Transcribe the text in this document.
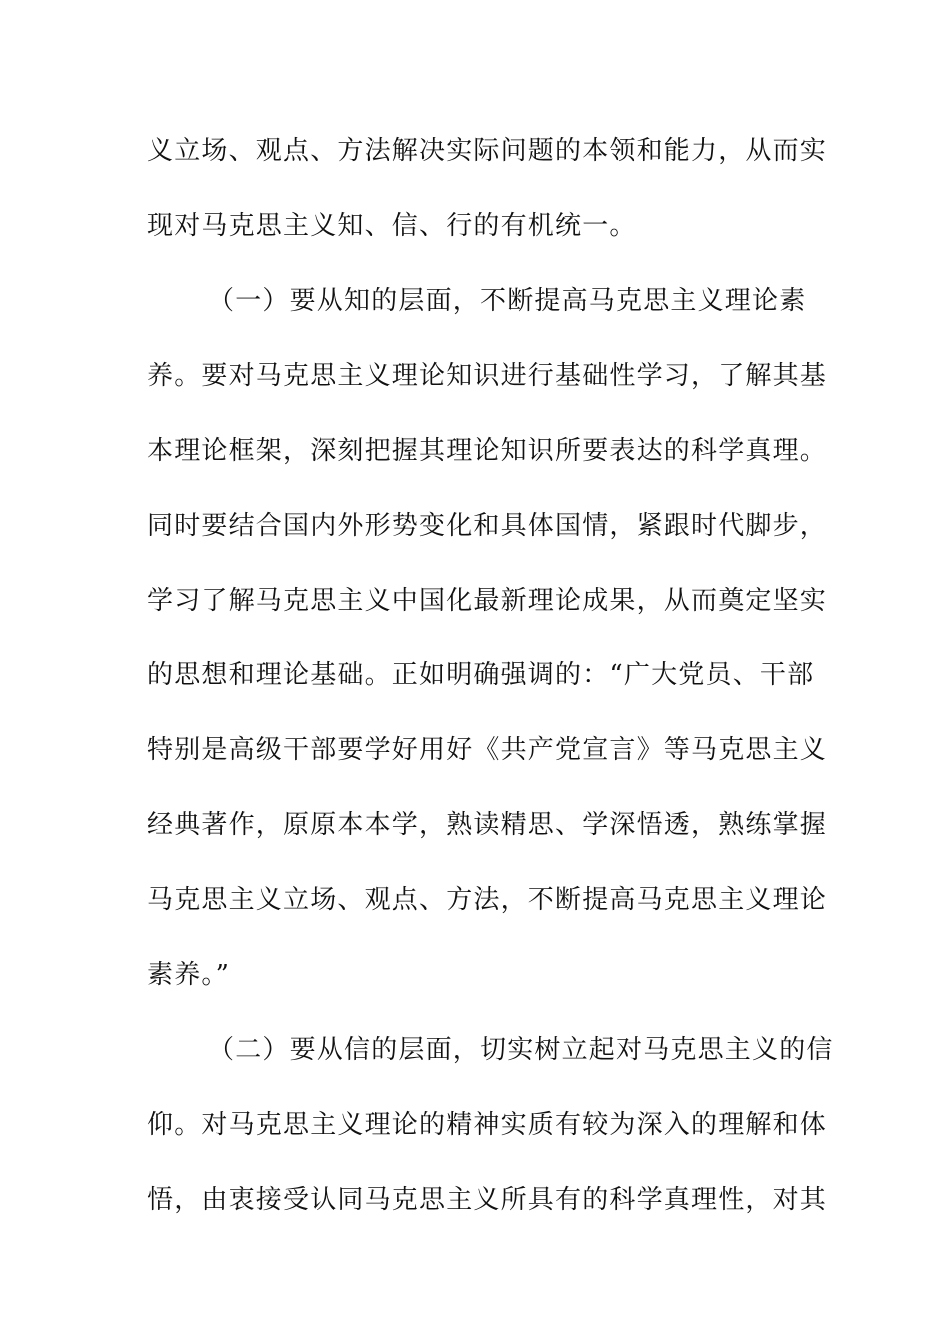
义立场、观点、方法解决实际问题的本领和能力，从而实
现对马克思主义知、信、行的有机统一。
（一）要从知的层面，不断提高马克思主义理论素
养。要对马克思主义理论知识进行基础性学习，了解其基
本理论框架，深刻把握其理论知识所要表达的科学真理。
同时要结合国内外形势变化和具体国情，紧跟时代脚步，
学习了解马克思主义中国化最新理论成果，从而奠定坚实
的思想和理论基础。正如明确强调的：“广大党员、干部
特别是高级干部要学好用好《共产党宣言》等马克思主义
经典著作，原原本本学，熟读精思、学深悟透，熟练掌握
马克思主义立场、观点、方法，不断提高马克思主义理论
素养。”
（二）要从信的层面，切实树立起对马克思主义的信
仰。对马克思主义理论的精神实质有较为深入的理解和体
悟，由衷接受认同马克思主义所具有的科学真理性，对其
